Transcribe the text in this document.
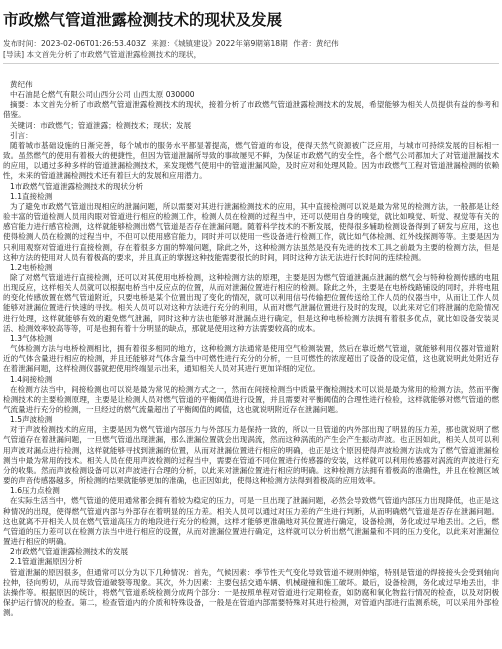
市政燃气管道泄露检测技术的现状及发展
发布时间：2023-02-06T01:26:53.403Z 来源：《城镇建设》2022年第9期第18期 作者：黄纪伟
[导读] 本文首先分析了市政燃气管道泄露检测技术的现状，

黄纪伟

中石油昆仑燃气有限公司山西分公司 山西太原 030000

摘要：本文首先分析了市政燃气管道泄露检测技术的现状，接着分析了市政燃气管道泄露检测技术的发展，希望能够为相关人员提供有益的参考和借鉴。

关键词：市政燃气；管道泄露；检测技术；现状；发展

引言：

随着城市基础设施的日渐完善，每个城市的服务水平都显著提高，燃气管道的布设，使得天然气资源被广泛应用，与城市可持续发展的目标相一致。虽然燃气的使用有着极大的便捷性，但因为管道泄漏所导致的事故屡见不鲜，为保证市政燃气的安全性，各个燃气公司都加大了对管道泄漏技术的应用，以通过多种多样的管道泄漏检测技术，来发现燃气使用中的管道泄漏风险，及时应对和处理风险。因为市政燃气工程对管道泄漏检测的依赖性，未来的管道泄漏检测技术还有着巨大的发展和应用潜力。

1市政燃气管道泄露检测技术的现状分析

1.1直接检测

为了避免市政燃气管道出现相应的泄漏问题，所以需要对其进行泄漏检测技术的应用，其中直接检测可以说是最为常见的检测方法，一般都是让经验丰富的管道检测人员用肉眼对管道进行相应的检测工作，检测人员在检测的过程当中，还可以使用自身的嗅觉，就比如嗅觉、听觉、视觉等有关的感官能力进行感官检测，这样就能够检测出燃气管道是否存在泄漏问题。随着科学技术的不断发展，使得很多辅助检测设备得到了研发与应用，这也使得检测人员在检测的过程当中，不但可以使用感官能力，同时并可以使用一些设备进行检测工作，就比如气体检测、红外线探测等等。主要是因为只利用观察对管道进行直接检测，存在着很多方面的弊端问题，除此之外，这种检测方法虽然是没有先进的技术工具之前最为主要的检测方法，但是这种方法的使用对人员有着极高的要求，并且真正的掌握这种技能需要很长的时间，同时这种方法无法进行长时间的连续检测。

1.2电桥检测

除了对燃气管道进行直接检测，还可以对其使用电桥检测，这种检测方法的原理，主要是因为燃气管道泄漏点泄漏的燃气会与特种检测传感的电阻出现反应，这样相关人员就可以根据电桥当中反应点的位置，从而对泄漏位置进行相应的检测。除此之外，主要是在电桥线路铺设的同时，并将电阻的变化传感放置在燃气管道附近，只要电桥是某个位置出现了变化的情况，就可以利用信号传输把位置传送给工作人员的仪器当中，从而让工作人员能够对泄漏位置进行快速的寻找。相关人员可以对这种方法进行充分的利用，从而对燃气泄漏位置进行及时的发现，以此来对它们将泄漏的危险情况进行处理，这样就能够有效的避免燃气泄漏，同时这种方法也能够对泄漏点进行确定，但是这种电桥检测方法拥有着很多优点，就比如设备安装灵活、检测效率较高等等，可是也拥有着十分明显的缺点，那就是使用这种方法需要较高的成本。

1.3气体检测

气体检测方法与电桥检测相比，拥有着很多相同的地方，这种检测方法通常是使用空气检测装置，然后在靠近燃气管道，就能够利用仪器对管道附近的气体含量进行相应的检测，并且还能够对气体含量当中可燃性进行充分的分析，一旦可燃性的浓度超出了设备的设定值，这也就说明此处附近存在着泄漏问题，这样检测仪器就把使用终端显示出来，通知相关人员对其进行更加详细的定位。

1.4间接检测

在检测方法当中，间接检测也可以说是最为常见的检测方式之一，然而在间接检测当中质量平衡检测技术可以说是最为常用的检测方法，然而平衡检测技术的主要检测原理，主要是让检测人员对燃气管道的平衡阈值进行设置，并且需要对平衡阈值的合理性进行检验，这样就能够对燃气管道的燃气流量进行充分的检测，一旦经过的燃气流量超出了平衡阈值的阈值，这也就说明附近存在泄漏问题。

1.5声波检测

对于声波检测技术的应用，主要是因为燃气管道内部压力与外部压力是保持一致的，所以一旦管道的内外部出现了明显的压力差，那也就说明了燃气管道存在着泄漏问题，一旦燃气管道出现泄漏，那么泄漏位置就会出现涡流，然而这种涡流的产生会产生振动声波。也正因如此，相关人员可以利用声波对漏点进行检测，这样就能够寻找到泄漏的位置，从而对泄漏位置进行相应的明确，也正是这个原因使得声波检测方法成为了燃气管道泄漏检测当中最为常用的技术。相关人员在使用声波检测的过程当中，需要在管道不同位置进行传感器的安装，这样就可以利用传感器对涡流的声波进行充分的收集。然而声波检测设备可以对声波进行合理的分析，以此来对泄漏位置进行相应的明确。这种检测方法拥有着极高的准确性，并且在检测区域要的声音传感器越多，所检测的结果就能够更加的准确，也正因如此，使得这种检测方法得到着极高的应用效率。

1.6压力点检测

在实际生活当中，燃气管道的使用通常都会拥有着较为稳定的压力，可是一旦出现了泄漏问题，必然会导致燃气管道内部压力出现降低，也正是这种情况的出现，使得燃气管道内部与外部存在着明显的压力差。相关人员可以通过对压力差的产生进行判断，从而明确燃气管道是否存在泄漏问题。这也就离不开相关人员在燃气管道高压力的地段进行充分的检测，这样才能够更准确地对其位置进行确定，设备检测，务化或过早地丢出。之后，燃气管道的压力差可以在检测方法当中进行相应的设置，从而对泄漏位置进行确定，这样就可以分析出燃气泄漏量和不同的压力变化，以此来对泄漏位置进行相应的明确。

2市政燃气管道泄露检测技术的发展

2.1管道泄漏原因分析

管道泄漏的原因很多，但通常可以分为以下几种情况：首先，气候因素：季节性天气变化导致管道不规则伸缩，特别是管道的焊接接头会受到轴向拉伸，径向剪切，从而导致管道破裂等现象。其次，外力因素：主要包括交通车辆、机械碰撞和施工破坏。最后，设备检测，务化或过早地丢出，非法操作等。根据原因的统计，将燃气管道系统检测分成两个部分：一是按照单程对管道进行定期检查，如防腐和氧化物监行情况的检查，以及对阴极保护运行情况的检查。第二，检查管道内的介质和特殊设备，一般是在管道内部需要特殊对其进行检测，对管道内部进行监测系统，可以采用外部检测。
